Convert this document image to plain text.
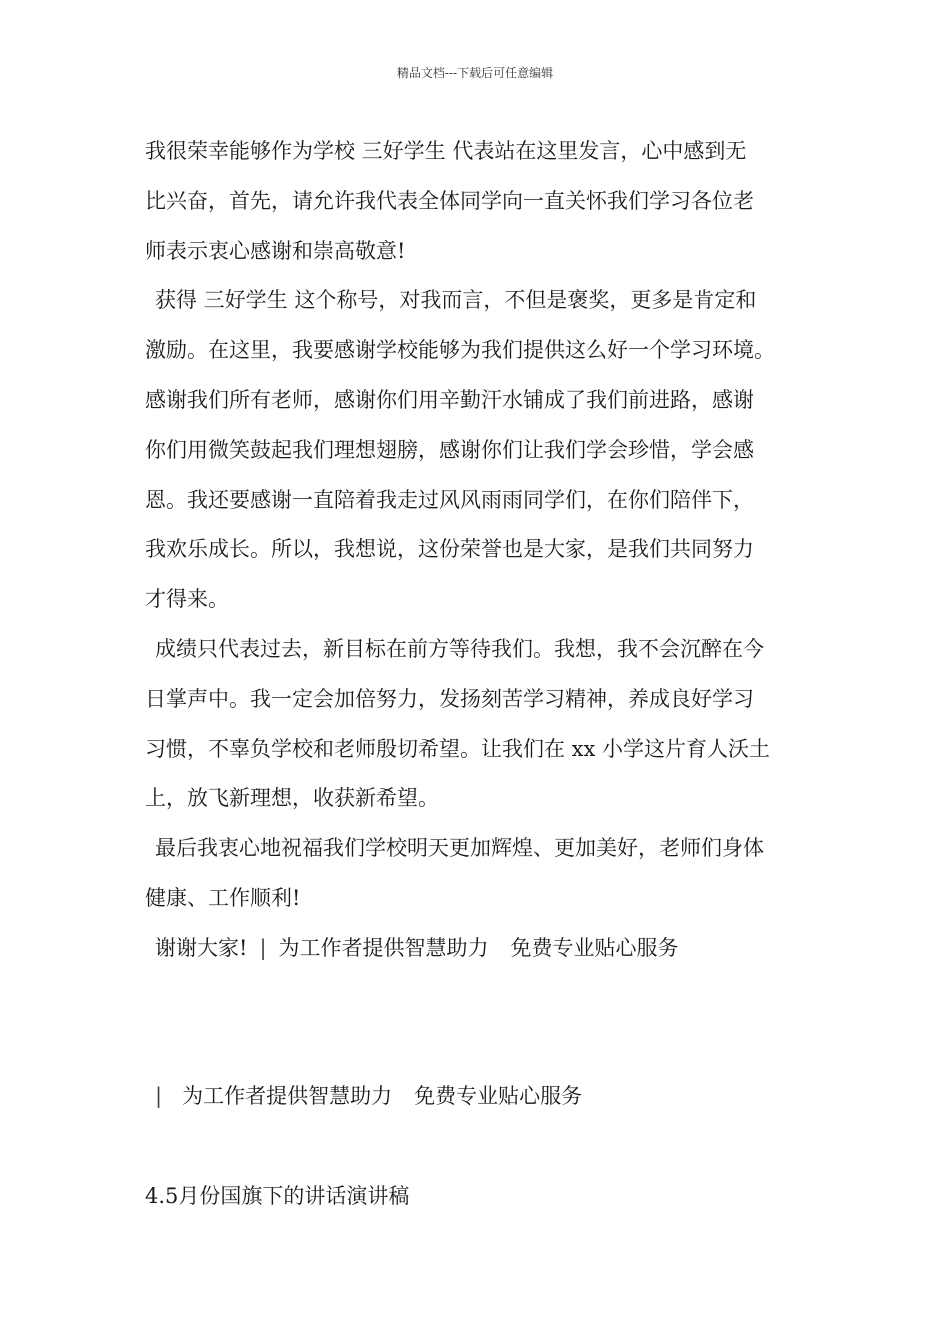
精品文档---下载后可任意编辑

我很荣幸能够作为学校 三好学生 代表站在这里发言，心中感到无
比兴奋，首先，请允许我代表全体同学向一直关怀我们学习各位老
师表示衷心感谢和崇高敬意!

获得 三好学生 这个称号，对我而言，不但是褒奖，更多是肯定和
激励。在这里，我要感谢学校能够为我们提供这么好一个学习环境。
感谢我们所有老师，感谢你们用辛勤汗水铺成了我们前进路，感谢
你们用微笑鼓起我们理想翅膀，感谢你们让我们学会珍惜，学会感
恩。我还要感谢一直陪着我走过风风雨雨同学们，在你们陪伴下，
我欢乐成长。所以，我想说，这份荣誉也是大家，是我们共同努力
才得来。

成绩只代表过去，新目标在前方等待我们。我想，我不会沉醉在今
日掌声中。我一定会加倍努力，发扬刻苦学习精神，养成良好学习
习惯，不辜负学校和老师殷切希望。让我们在 xx 小学这片育人沃土
上，放飞新理想，收获新希望。

最后我衷心地祝福我们学校明天更加辉煌、更加美好，老师们身体
健康、工作顺利!

谢谢大家! | 为工作者提供智慧助力 免费专业贴心服务

| 为工作者提供智慧助力 免费专业贴心服务
4.5月份国旗下的讲话演讲稿
